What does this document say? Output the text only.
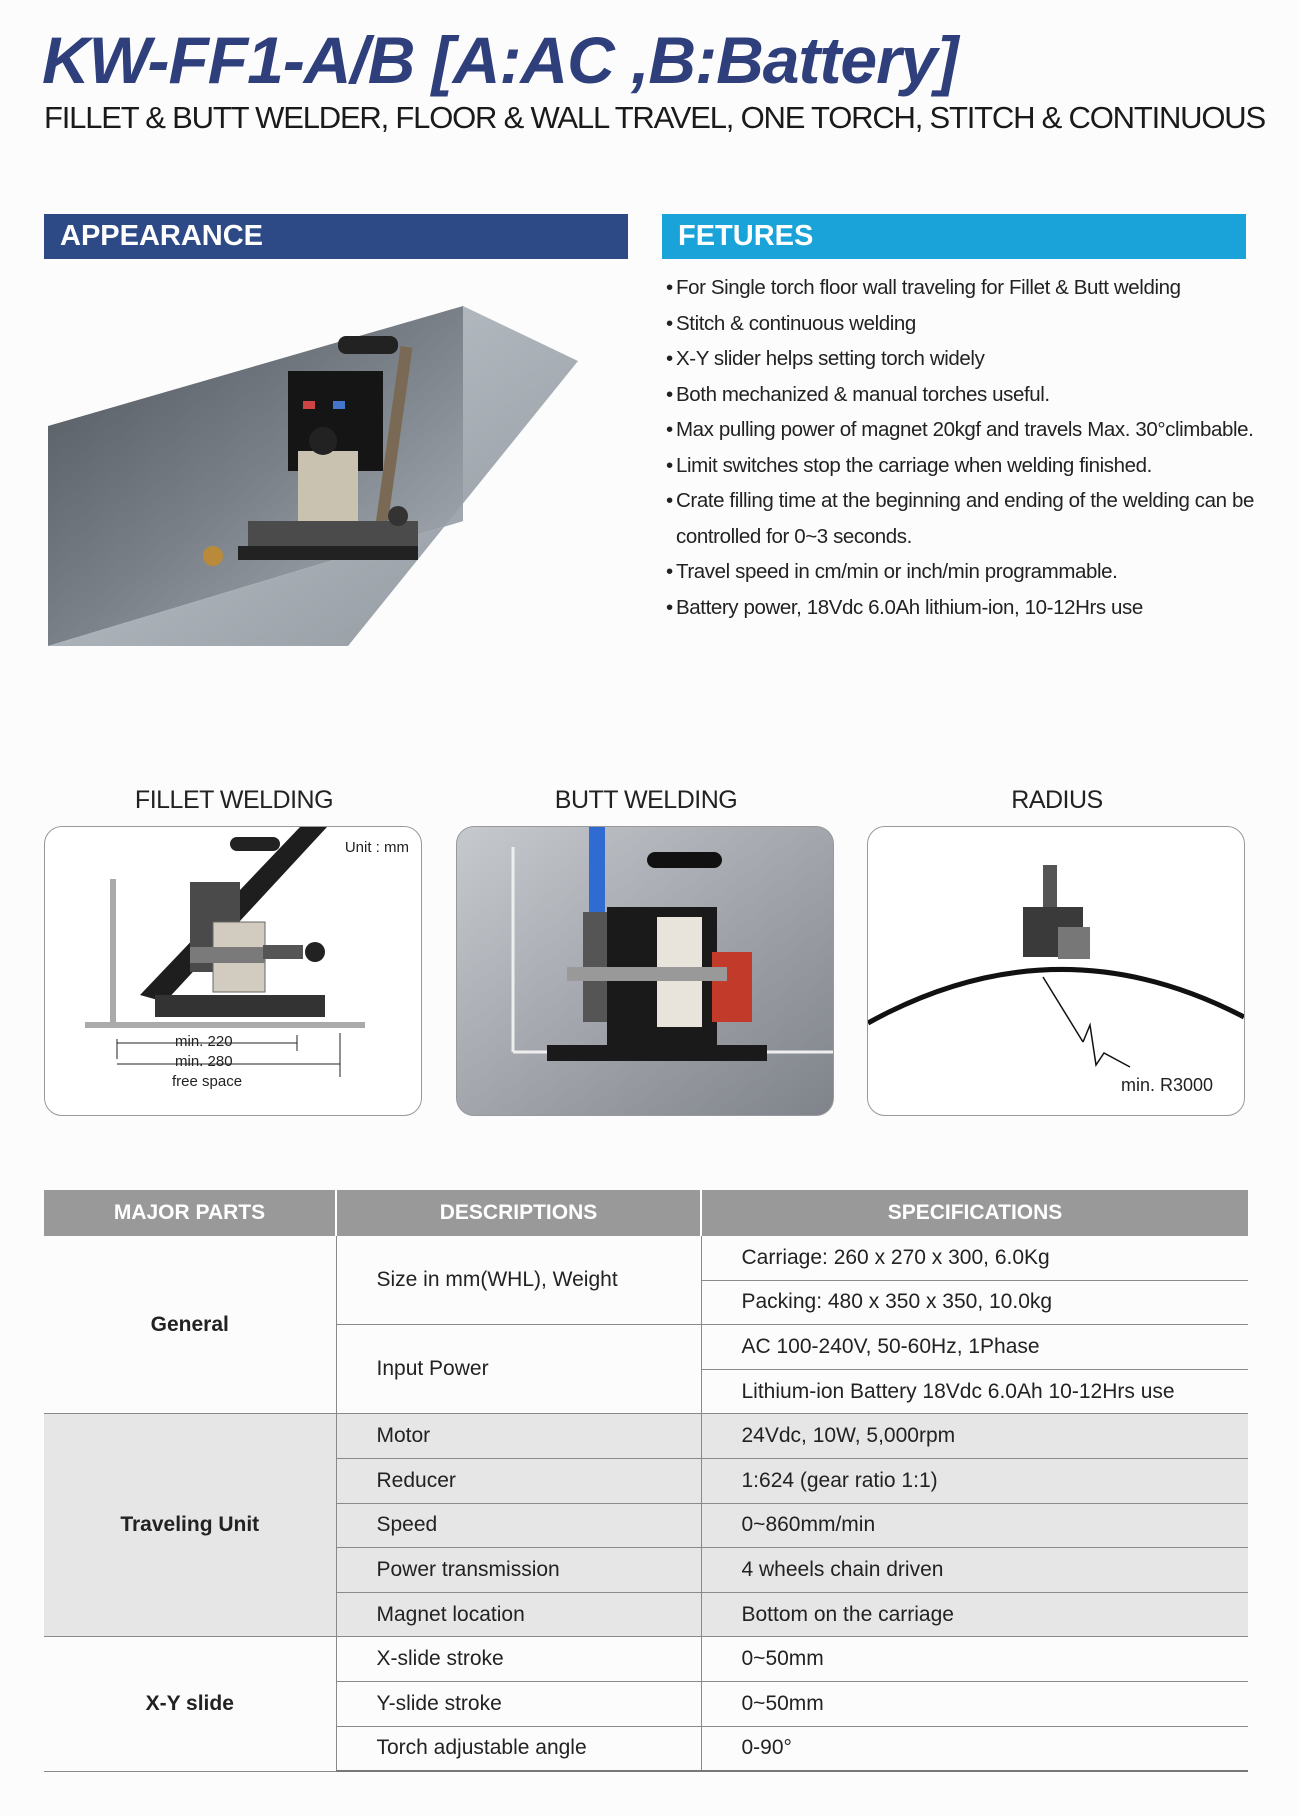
KW-FF1-A/B [A:AC ,B:Battery]
FILLET & BUTT WELDER, FLOOR & WALL TRAVEL, ONE TORCH, STITCH & CONTINUOUS
APPEARANCE	FETURES
• For Single torch floor wall traveling for Fillet & Butt welding
• Stitch & continuous welding
• X-Y slider helps setting torch widely
• Both mechanized & manual torches useful.
• Max pulling power of magnet 20kgf and travels Max. 30°climbable.
• Limit switches stop the carriage when welding finished.
• Crate filling time at the beginning and ending of the welding can be controlled for 0~3 seconds.
• Travel speed in cm/min or inch/min programmable.
• Battery power, 18Vdc 6.0Ah lithium-ion, 10-12Hrs use
FILLET WELDING	BUTT WELDING	RADIUS
Unit : mm
min. 220
min. 280
free space	min. R3000
MAJOR PARTS	DESCRIPTIONS	SPECIFICATIONS
General	Size in mm(WHL), Weight	Carriage: 260 x 270 x 300, 6.0Kg
		Packing: 480 x 350 x 350, 10.0kg
	Input Power	AC 100-240V, 50-60Hz, 1Phase
		Lithium-ion Battery 18Vdc 6.0Ah 10-12Hrs use
Traveling Unit	Motor	24Vdc, 10W, 5,000rpm
	Reducer	1:624 (gear ratio 1:1)
	Speed	0~860mm/min
	Power transmission	4 wheels chain driven
	Magnet location	Bottom on the carriage
X-Y slide	X-slide stroke	0~50mm
	Y-slide stroke	0~50mm
	Torch adjustable angle	0-90°
